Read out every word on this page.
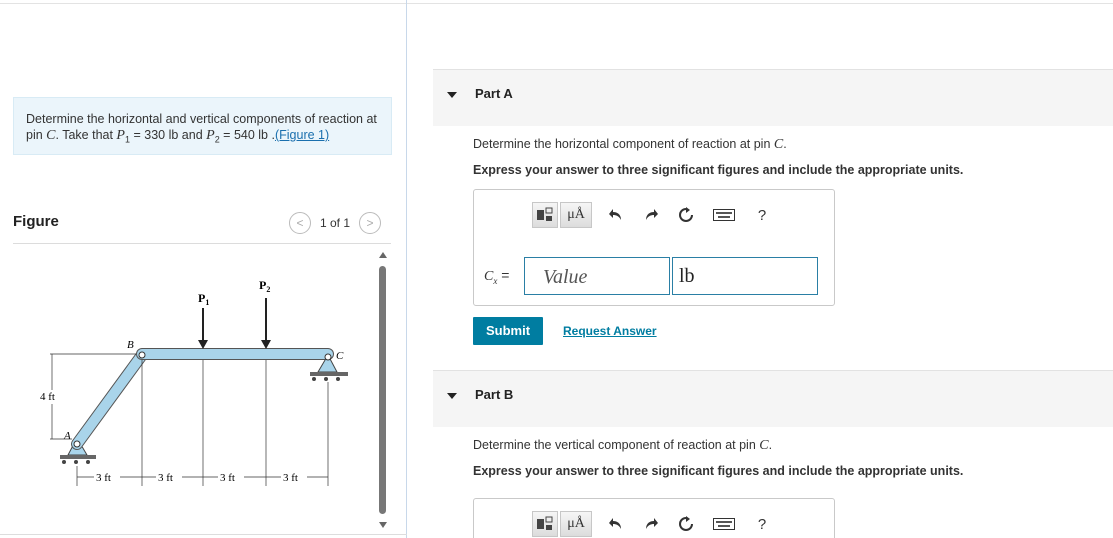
Determine the horizontal and vertical components of reaction at pin C. Take that $P_1 = 330$ lb and $P_2 = 540$ lb .(Figure 1)
Figure	<	1 of 1	>
$P_1$
$P_2$
B
A
C
4 ft
3 ft	3 ft	3 ft	3 ft
Part A
Determine the horizontal component of reaction at pin C.
Express your answer to three significant figures and include the appropriate units.
μÅ	?
$C_x$ =	Value	lb
Submit	Request Answer
Part B
Determine the vertical component of reaction at pin C.
Express your answer to three significant figures and include the appropriate units.
μÅ	?
